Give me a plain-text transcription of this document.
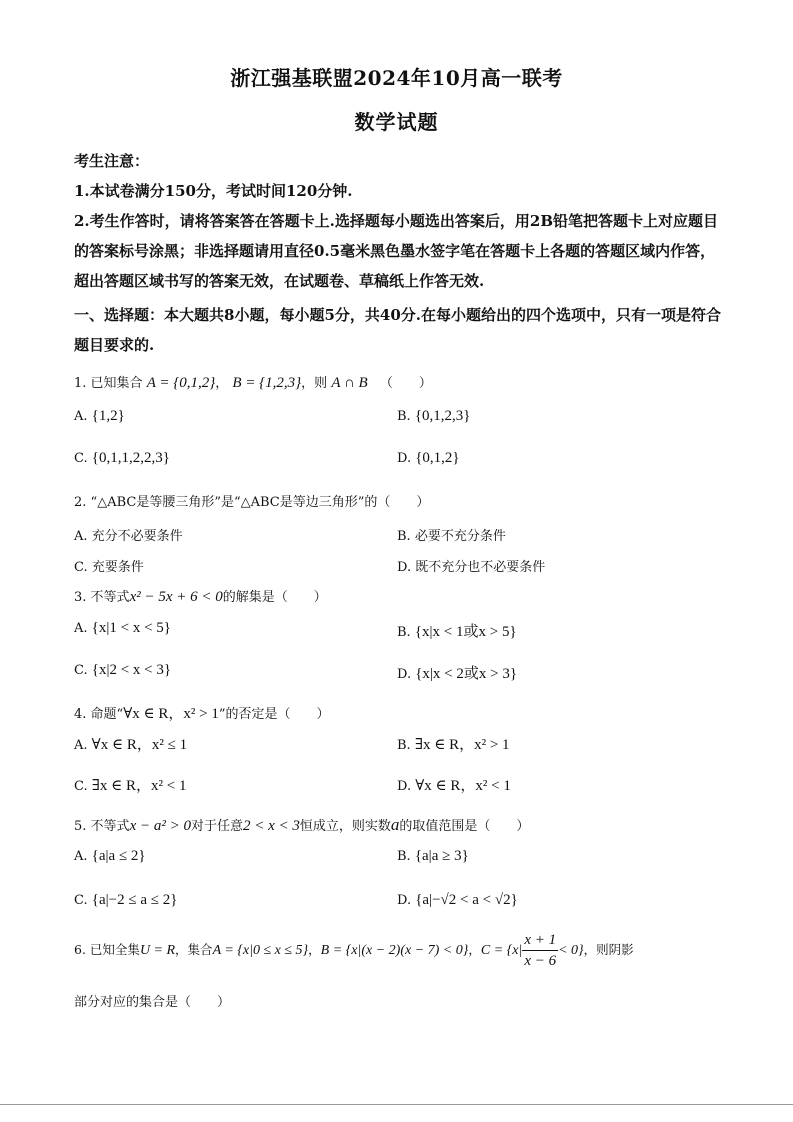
浙江强基联盟2024年10月高一联考
数学试题

考生注意：

1.本试卷满分150分，考试时间120分钟.

2.考生作答时，请将答案答在答题卡上.选择题每小题选出答案后，用2B铅笔把答题卡上对应题目的答案标号涂黑；非选择题请用直径0.5毫米黑色墨水签字笔在答题卡上各题的答题区域内作答，超出答题区域书写的答案无效，在试题卷、草稿纸上作答无效.

一、选择题：本大题共8小题，每小题5分，共40分.在每小题给出的四个选项中，只有一项是符合题目要求的.

1. 已知集合 A = {0,1,2}， B = {1,2,3}，则 A ∩ B （　　）
A. {1,2}	B. {0,1,2,3}
C. {0,1,1,2,2,3}	D. {0,1,2}
2. “△ABC是等腰三角形”是“△ABC是等边三角形”的（　　）
A. 充分不必要条件	B. 必要不充分条件
C. 充要条件	D. 既不充分也不必要条件
3. 不等式x² − 5x + 6 < 0的解集是（　　）
A. {x|1 < x < 5}	B. {x|x < 1或x > 5}
C. {x|2 < x < 3}	D. {x|x < 2或x > 3}
4. 命题“∀x ∈ R，x² > 1”的否定是（　　）
A. ∀x ∈ R，x² ≤ 1	B. ∃x ∈ R，x² > 1
C. ∃x ∈ R，x² < 1	D. ∀x ∈ R，x² < 1
5. 不等式x − a² > 0对于任意2 < x < 3恒成立，则实数a的取值范围是（　　）
A. {a|a ≤ 2}	B. {a|a ≥ 3}
C. {a|−2 ≤ a ≤ 2}	D. {a|−√2 < a < √2}
6. 已知全集U = R，集合A = {x|0 ≤ x ≤ 5}，B = {x|(x − 2)(x − 7) < 0}，$C = \{x| \frac{x + 1}{x - 6} < 0\}$，则阴影
部分对应的集合是（　　）
